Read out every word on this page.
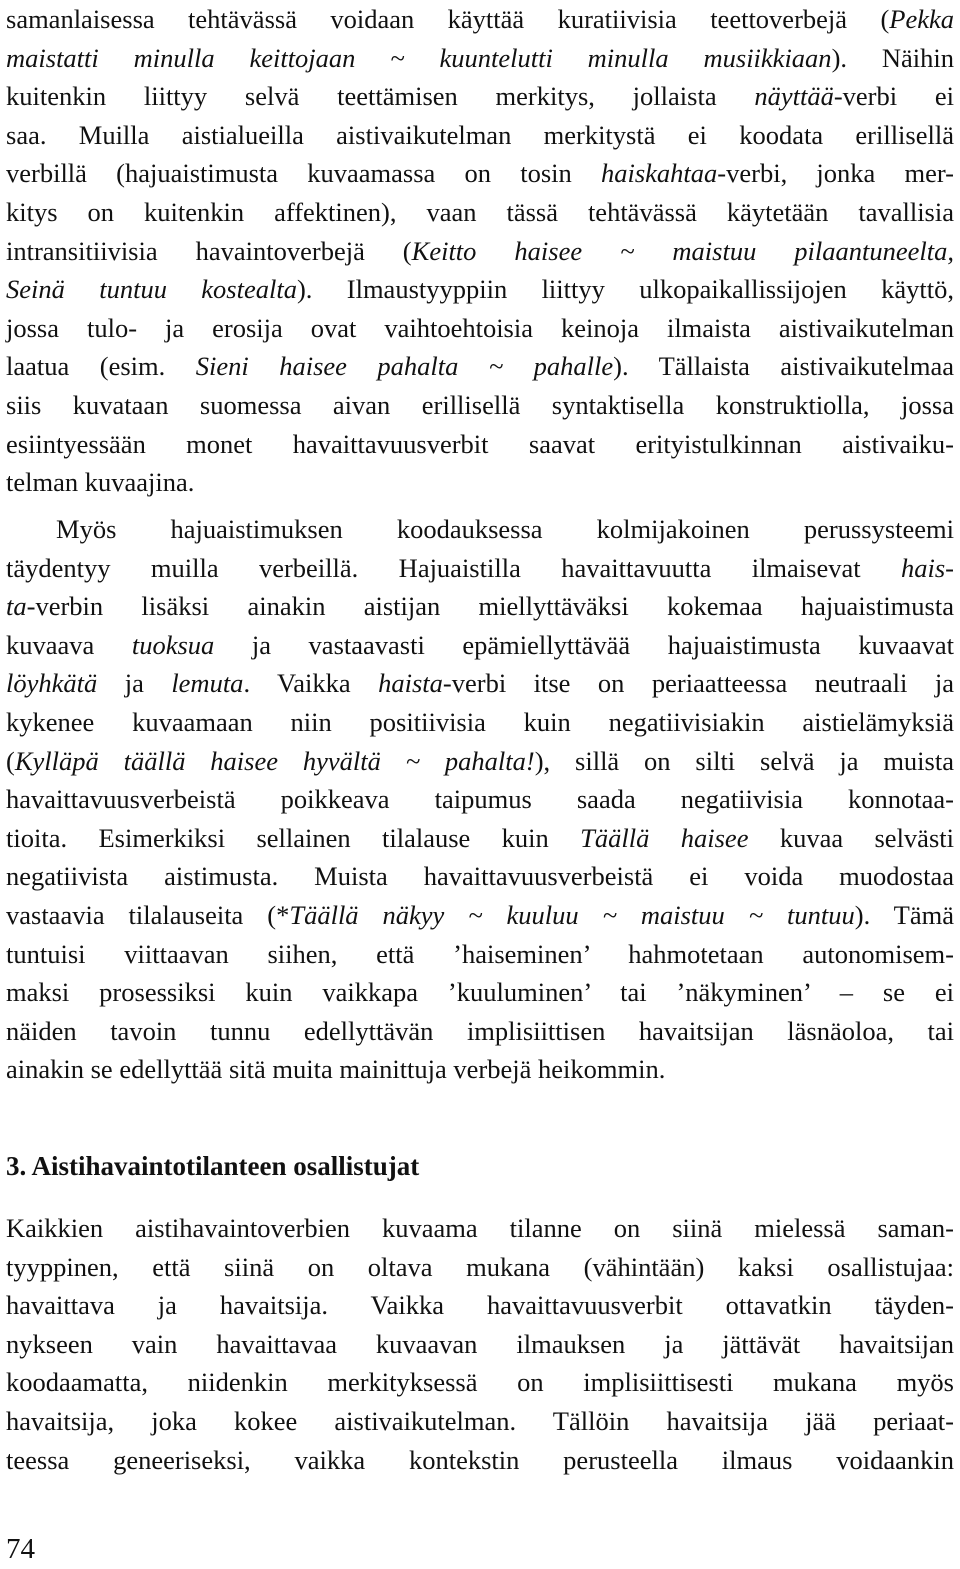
samanlaisessa tehtävässä voidaan käyttää kuratiivisia teettoverbejä (Pekka
maistatti minulla keittojaan ~ kuuntelutti minulla musiikkiaan). Näihin
kuitenkin liittyy selvä teettämisen merkitys, jollaista näyttää-verbi ei
saa. Muilla aistialueilla aistivaikutelman merkitystä ei koodata erillisellä
verbillä (hajuaistimusta kuvaamassa on tosin haiskahtaa-verbi, jonka mer-
kitys on kuitenkin affektinen), vaan tässä tehtävässä käytetään tavallisia
intransitiivisia havaintoverbejä (Keitto haisee ~ maistuu pilaantuneelta,
Seinä tuntuu kostealta). Ilmaustyyppiin liittyy ulkopaikallissijojen käyttö,
jossa tulo- ja erosija ovat vaihtoehtoisia keinoja ilmaista aistivaikutelman
laatua (esim. Sieni haisee pahalta ~ pahalle). Tällaista aistivaikutelmaa
siis kuvataan suomessa aivan erillisellä syntaktisella konstruktiolla, jossa
esiintyessään monet havaittavuusverbit saavat erityistulkinnan aistivaiku-
telman kuvaajina.
Myös hajuaistimuksen koodauksessa kolmijakoinen perussysteemi
täydentyy muilla verbeillä. Hajuaistilla havaittavuutta ilmaisevat hais-
ta-verbin lisäksi ainakin aistijan miellyttäväksi kokemaa hajuaistimusta
kuvaava tuoksua ja vastaavasti epämiellyttävää hajuaistimusta kuvaavat
löyhkätä ja lemuta. Vaikka haista-verbi itse on periaatteessa neutraali ja
kykenee kuvaamaan niin positiivisia kuin negatiivisiakin aistielämyksiä
(Kylläpä täällä haisee hyvältä ~ pahalta!), sillä on silti selvä ja muista
havaittavuusverbeistä poikkeava taipumus saada negatiivisia konnotaa-
tioita. Esimerkiksi sellainen tilalause kuin Täällä haisee kuvaa selvästi
negatiivista aistimusta. Muista havaittavuusverbeistä ei voida muodostaa
vastaavia tilalauseita (*Täällä näkyy ~ kuuluu ~ maistuu ~ tuntuu). Tämä
tuntuisi viittaavan siihen, että ’haiseminen’ hahmotetaan autonomisem-
maksi prosessiksi kuin vaikkapa ’kuuluminen’ tai ’näkyminen’ – se ei
näiden tavoin tunnu edellyttävän implisiittisen havaitsijan läsnäoloa, tai
ainakin se edellyttää sitä muita mainittuja verbejä heikommin.
3. Aistihavaintotilanteen osallistujat
Kaikkien aistihavaintoverbien kuvaama tilanne on siinä mielessä saman-
tyyppinen, että siinä on oltava mukana (vähintään) kaksi osallistujaa:
havaittava ja havaitsija. Vaikka havaittavuusverbit ottavatkin täyden-
nykseen vain havaittavaa kuvaavan ilmauksen ja jättävät havaitsijan
koodaamatta, niidenkin merkityksessä on implisiittisesti mukana myös
havaitsija, joka kokee aistivaikutelman. Tällöin havaitsija jää periaat-
teessa geneeriseksi, vaikka kontekstin perusteella ilmaus voidaankin
74
